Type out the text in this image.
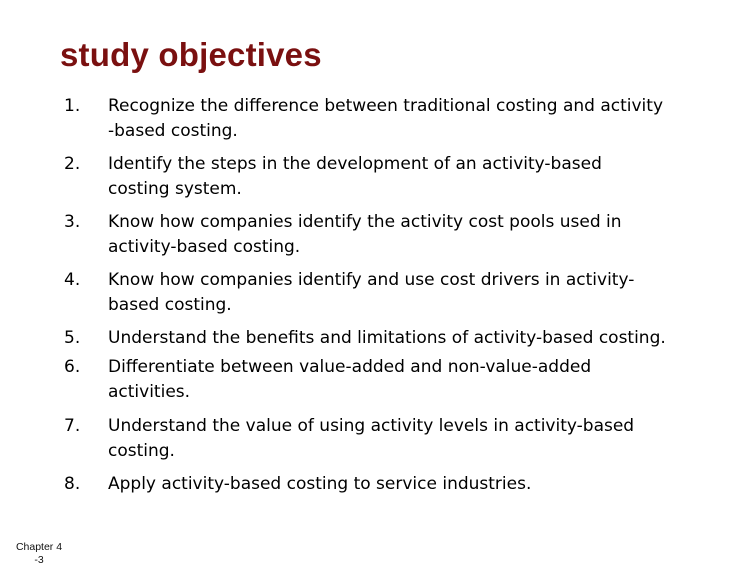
study objectives
1.	Recognize the difference between traditional costing and activity
-based costing.
2.	Identify the steps in the development of an activity-based
costing system.
3.	Know how companies identify the activity cost pools used in
activity-based costing.
4.	Know how companies identify and use cost drivers in activity-
based costing.
5.	Understand the benefits and limitations of activity-based costing.
6.	Differentiate between value-added and non-value-added
activities.
7.	Understand the value of using activity levels in activity-based
costing.
8.	Apply activity-based costing to service industries.
Chapter 4
-3
